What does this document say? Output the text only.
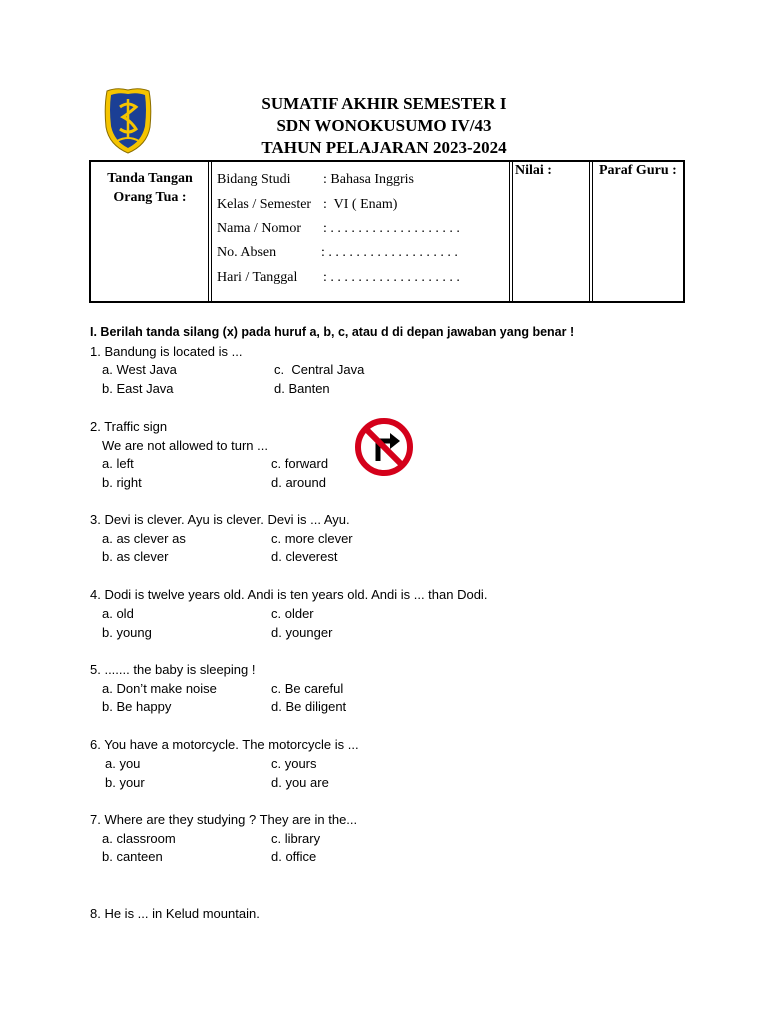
SUMATIF AKHIR SEMESTER I
SDN WONOKUSUMO IV/43
TAHUN PELAJARAN 2023-2024
Tanda Tangan Orang Tua :
Bidang Studi : Bahasa Inggris
Kelas / Semester :  VI ( Enam)
Nama / Nomor : . . . . . . . . . . . . . . . . . . .
No. Absen	: . . . . . . . . . . . . . . . . . . .
Hari / Tanggal : . . . . . . . . . . . . . . . . . . .
Nilai :	Paraf Guru :
I. Berilah tanda silang (x) pada huruf a, b, c, atau d di depan jawaban yang benar !
1. Bandung is located is ...
a. West Java	c.  Central Java
b. East Java	d. Banten
2. Traffic sign
We are not allowed to turn ...
a. left	c. forward
b. right	d. around
3. Devi is clever. Ayu is clever. Devi is ... Ayu.
a. as clever as	c. more clever
b. as clever	d. cleverest
4. Dodi is twelve years old. Andi is ten years old. Andi is ... than Dodi.
a. old	c. older
b. young	d. younger
5. ....... the baby is sleeping !
a. Don’t make noise	c. Be careful
b. Be happy	d. Be diligent
6. You have a motorcycle. The motorcycle is ...
a. you	c. yours
b. your	d. you are
7. Where are they studying ? They are in the...
a. classroom	c. library
b. canteen	d. office
8. He is ... in Kelud mountain.
